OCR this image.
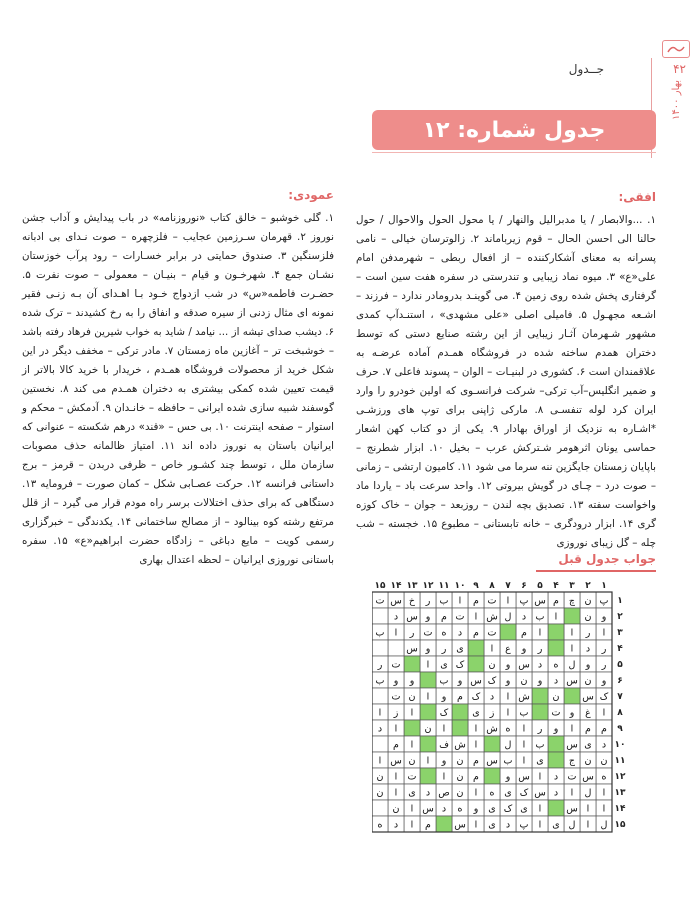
۴۲
بهار ۱۴۰۰
جــدول
جدول شماره: ۱۲
افقی:
۱. ...والابصار / یا مدبرالیل والنهار / یا محول الحول والاحوال / حول حالنا الی احسن الحال – قوم زیرباماند ۲. زالوترسان خیالی – نامی پسرانه به معنای آشکارکننده – از افعال ربطی – شهرمدفن امام علی«ع» ۳. میوه نماد زیبایی و تندرستی در سفره هفت سین است – گرفتاری پخش شده روی زمین ۴. می گوینـد بدرومادر ندارد – فرزند – اشـعه مجهـول ۵. فامیلی اصلی «علی مشهدی» ، استنـدآپ کمدی مشهور شـهرمان آثـار زیبایی از این رشته صنایع دستی که توسط دختران همدم ساخته شده در فروشگاه همـدم آماده عرضـه به علاقمندان است ۶. کشوری در لبنیـات – الوان – پسوند فاعلی ۷. حرف و ضمیر انگلیس–آب ترکی– شرکت فرانسـوی که اولین خودرو را وارد ایران کرد لوله تنفسـی ۸. مارکی ژاپنی برای توپ های ورزشـی *اشـاره به نزدیک از اوراق بهادار ۹. یکی از دو کتاب کهن اشعار حماسی یونان اثرهومر شـترکش عرب – بخیل ۱۰. ابزار شطرنج – باپایان زمستان جایگزین ننه سرما می شود ۱۱. کامیون ارتشی – زمانی – صوت درد – چـای در گویش بیروتی ۱۲. واحد سرعت باد – یاردا ماد واخواست سفته ۱۳. تصدیق بچه لندن – روزبعد – جوان – خاک کوزه گری ۱۴. ابزار درودگری – خانه تابستانی – مطبوع ۱۵. خجسته – شب چله – گل زیبای نوروزی
عمودی:
۱. گلی خوشبو – خالق کتاب «نوروزنامه» در باب پیدایش و آداب جشن نوروز ۲. قهرمان سـرزمین عجایب – فلزچهره – صوت نـدای بی ادبانه فلزسنگین ۳. صندوق حمایتی در برابر خسـارات – رود پرآب خوزستان نشـان جمع ۴. شهرخـون و قیام – بنیـان – معمولی – صوت نفرت ۵. حضـرت فاطمه«س» در شب ازدواج خـود بـا اهـدای آن بـه زنـی فقیر نمونه ای مثال زدنی از سیره صدقه و انفاق را به رخ کشیدند – ترک شده ۶. دیشب صدای تیشه از ... نیامد / شاید به خواب شیرین فرهاد رفته باشد – خوشبخت تر – آغازین ماه زمستان ۷. مادر ترکی – مخفف دیگر در این شکل خرید از محصولات فروشگاه همـدم ، خریدار با خرید کالا بالاتر از قیمت تعیین شده کمکی بیشتری به دختران همـدم می کند ۸. نخستین گوسفند شبیه سازی شده ایرانی – حافظه – خانـدان ۹. آدمکش – محکم و استوار – صفحه اینترنت ۱۰. بی حس – «قند» درهم شکسته – عنوانی که ایرانیان باستان به نوروز داده اند ۱۱. امتیاز ظالمانه حذف مصوبات سازمان ملل ، توسط چند کشـور خاص – ظرفی دربدن – قرمز – برج داستانی فرانسه ۱۲. حرکت عصـابی شکل – کمان صورت – فرومایه ۱۳. دستگاهی که برای حذف اختلالات برسر راه مودم قرار می گیرد – از قلل مرتفع رشته کوه بینالود – از مصالح ساختمانی ۱۴. یکدندگی – خبرگزاری رسمی کویت – مایع دباغی – زادگاه حضرت ابراهیم«ع» ۱۵. سفره باستانی نوروزی ایرانیان – لحظه اعتدال بهاری	جواب جدول قبل
۱
۲
۳
۴
۵
۶
۷
۸
۹
۱۰
۱۱
۱۲
۱۳
۱۴
۱۵
۱
۲
۳
۴
۵
۶
۷
۸
۹
۱۰
۱۱
۱۲
۱۳
۱۴
۱۵
پ
ن
چ
م
س
پ
ا
ت
م
ا
ب
ر
خ
س
ت
و
ن
ا
ب
د
ل
ش
ا
ت
م
و
س
د
ا
ر
ا
ا
م
ت
م
د
ه
ت
ر
ا
ب
ر
د
ا
ر
و
ع
ا
ی
ر
و
س
ر
و
ل
ه
د
س
و
ن
ک
ی
ا
ت
ر
و
ن
س
د
و
ن
و
ک
س
و
ب
و
و
ب
ک
س
ن
ش
ا
د
ک
م
و
ا
ن
ت
ا
غ
و
ت
ب
ا
ز
ی
ک
ا
ز
ا
م
م
ا
و
ر
ا
ه
ش
ا
ا
ن
ا
د
د
ی
س
ب
ا
ل
ا
ش
ف
ا
م
ن
ن
ج
ی
ا
ب
س
م
ن
و
ا
ن
س
ا
ه
س
ت
د
ا
س
و
م
ن
ا
ت
ا
ن
ا
ل
ا
د
س
ک
ی
ه
ا
ن
ص
د
ی
ا
ن
ا
ا
س
ا
ی
ک
ی
و
ه
د
س
ا
ن
ل
ا
ل
ی
ا
پ
د
ی
ا
س
م
ا
د
ه
